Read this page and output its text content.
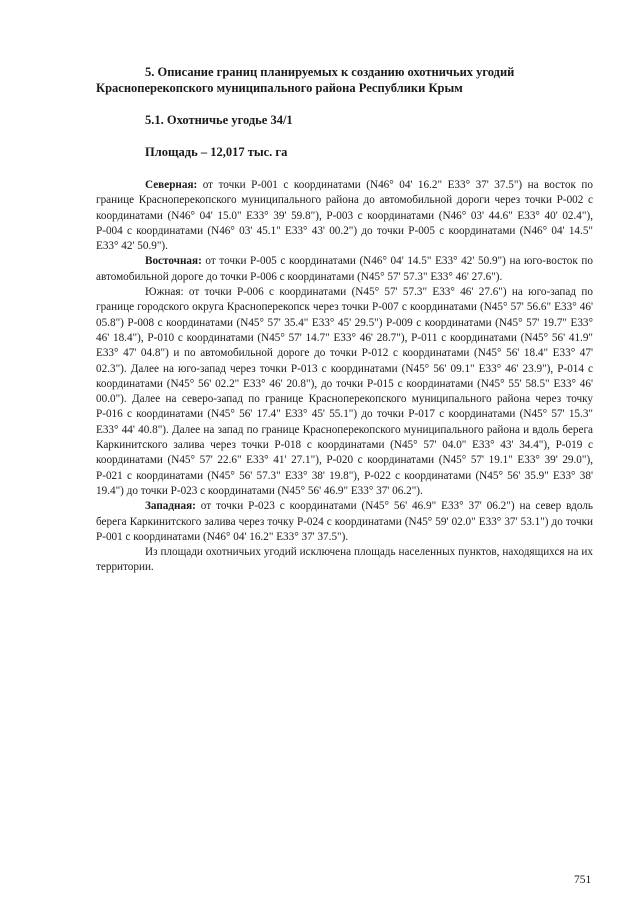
5. Описание границ планируемых к созданию охотничьих угодий Красноперекопского муниципального района Республики Крым

5.1. Охотничье угодье 34/1

Площадь – 12,017 тыс. га

Северная: от точки Р-001 с координатами (N46° 04' 16.2" E33° 37' 37.5") на восток по границе Красноперекопского муниципального района до автомобильной дороги через точки Р-002 с координатами (N46° 04' 15.0" E33° 39' 59.8"), Р-003 с координатами (N46° 03' 44.6" E33° 40' 02.4"), Р-004 с координатами (N46° 03' 45.1" E33° 43' 00.2") до точки Р-005 с координатами (N46° 04' 14.5" E33° 42' 50.9").

Восточная: от точки Р-005 с координатами (N46° 04' 14.5" E33° 42' 50.9") на юго-восток по автомобильной дороге до точки Р-006 с координатами (N45° 57' 57.3" E33° 46' 27.6").

Южная: от точки Р-006 с координатами (N45° 57' 57.3" E33° 46' 27.6") на юго-запад по границе городского округа Красноперекопск через точки Р-007 с координатами (N45° 57' 56.6" E33° 46' 05.8") Р-008 с координатами (N45° 57' 35.4" E33° 45' 29.5") Р-009 с координатами (N45° 57' 19.7" E33° 46' 18.4"), Р-010 с координатами (N45° 57' 14.7" E33° 46' 28.7"), Р-011 с координатами (N45° 56' 41.9" E33° 47' 04.8") и по автомобильной дороге до точки Р-012 с координатами (N45° 56' 18.4" E33° 47' 02.3"). Далее на юго-запад через точки Р-013 с координатами (N45° 56' 09.1" E33° 46' 23.9"), Р-014 с координатами (N45° 56' 02.2" E33° 46' 20.8"), до точки Р-015 с координатами (N45° 55' 58.5" E33° 46' 00.0"). Далее на северо-запад по границе Красноперекопского муниципального района через точку Р-016 с координатами (N45° 56' 17.4" E33° 45' 55.1") до точки Р-017 с координатами (N45° 57' 15.3" E33° 44' 40.8"). Далее на запад по границе Красноперекопского муниципального района и вдоль берега Каркинитского залива через точки Р-018 с координатами (N45° 57' 04.0" E33° 43' 34.4"), Р-019 с координатами (N45° 57' 22.6" E33° 41' 27.1"), Р-020 с координатами (N45° 57' 19.1" E33° 39' 29.0"), Р-021 с координатами (N45° 56' 57.3" E33° 38' 19.8"), Р-022 с координатами (N45° 56' 35.9" E33° 38' 19.4") до точки Р-023 с координатами (N45° 56' 46.9" E33° 37' 06.2").

Западная: от точки Р-023 с координатами (N45° 56' 46.9" E33° 37' 06.2") на север вдоль берега Каркинитского залива через точку Р-024 с координатами (N45° 59' 02.0" E33° 37' 53.1") до точки Р-001 с координатами (N46° 04' 16.2" E33° 37' 37.5").

Из площади охотничьих угодий исключена площадь населенных пунктов, находящихся на их территории.

751
